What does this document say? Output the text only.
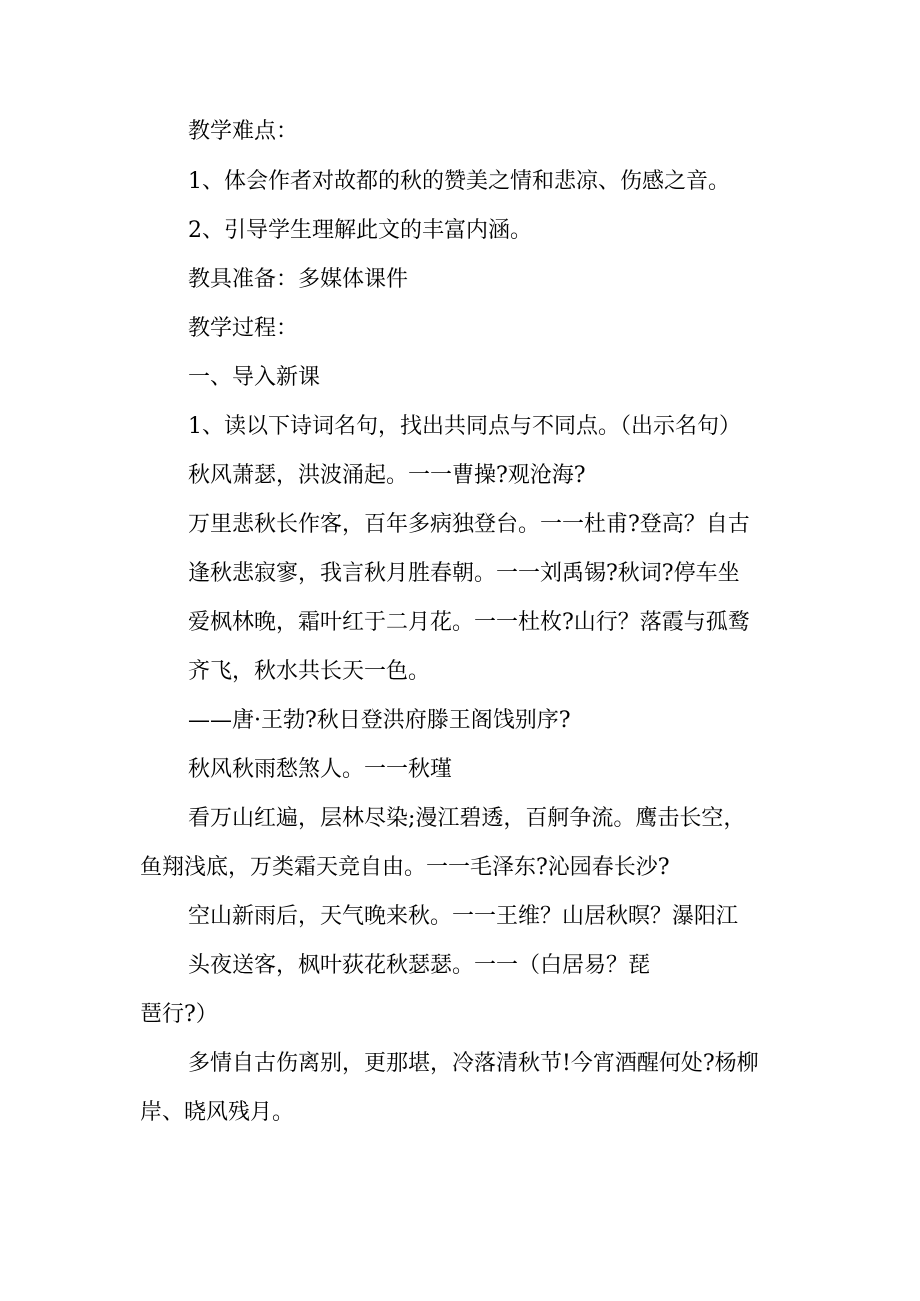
教学难点：
1、体会作者对故都的秋的赞美之情和悲凉、伤感之音。
2、引导学生理解此文的丰富内涵。
教具准备：多媒体课件
教学过程：
一、导入新课
1、读以下诗词名句，找出共同点与不同点。（出示名句）
秋风萧瑟，洪波涌起。一一曹操?观沧海?
万里悲秋长作客，百年多病独登台。一一杜甫?登高？自古
逢秋悲寂寥，我言秋月胜春朝。一一刘禹锡?秋词?停车坐
爱枫林晚，霜叶红于二月花。一一杜枚?山行？落霞与孤鹜
齐飞，秋水共长天一色。
——唐·王勃?秋日登洪府滕王阁饯别序?
秋风秋雨愁煞人。一一秋瑾
看万山红遍，层林尽染;漫江碧透，百舸争流。鹰击长空，
鱼翔浅底，万类霜天竞自由。一一毛泽东?沁园春长沙?
空山新雨后，天气晚来秋。一一王维？山居秋暝？瀑阳江
头夜送客，枫叶荻花秋瑟瑟。一一（白居易？琵
琶行?）
多情自古伤离别，更那堪，冷落清秋节!今宵酒醒何处?杨柳
岸、晓风残月。
